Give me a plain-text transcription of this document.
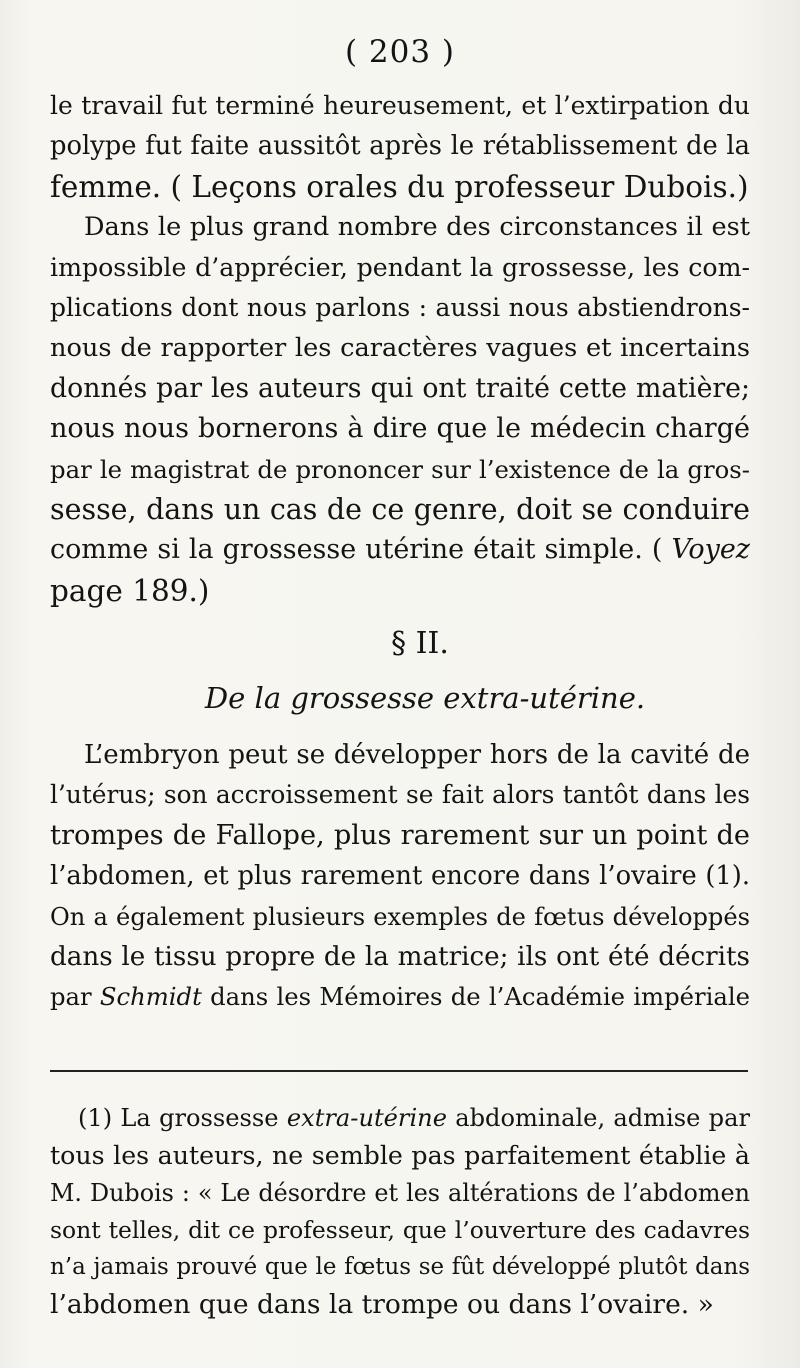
( 203 )
le travail fut terminé heureusement, et l’extirpation du
polype fut faite aussitôt après le rétablissement de la
femme. ( Leçons orales du professeur Dubois.)
Dans le plus grand nombre des circonstances il est
impossible d’apprécier, pendant la grossesse, les com-
plications dont nous parlons : aussi nous abstiendrons-
nous de rapporter les caractères vagues et incertains
donnés par les auteurs qui ont traité cette matière;
nous nous bornerons à dire que le médecin chargé
par le magistrat de prononcer sur l’existence de la gros-
sesse, dans un cas de ce genre, doit se conduire
comme si la grossesse utérine était simple. ( Voyez
page 189.)
§ II.
De la grossesse extra-utérine.
L’embryon peut se développer hors de la cavité de
l’utérus; son accroissement se fait alors tantôt dans les
trompes de Fallope, plus rarement sur un point de
l’abdomen, et plus rarement encore dans l’ovaire (1).
On a également plusieurs exemples de fœtus développés
dans le tissu propre de la matrice; ils ont été décrits
par Schmidt dans les Mémoires de l’Académie impériale
(1) La grossesse extra-utérine abdominale, admise par
tous les auteurs, ne semble pas parfaitement établie à
M. Dubois : « Le désordre et les altérations de l’abdomen
sont telles, dit ce professeur, que l’ouverture des cadavres
n’a jamais prouvé que le fœtus se fût développé plutôt dans
l’abdomen que dans la trompe ou dans l’ovaire. »
